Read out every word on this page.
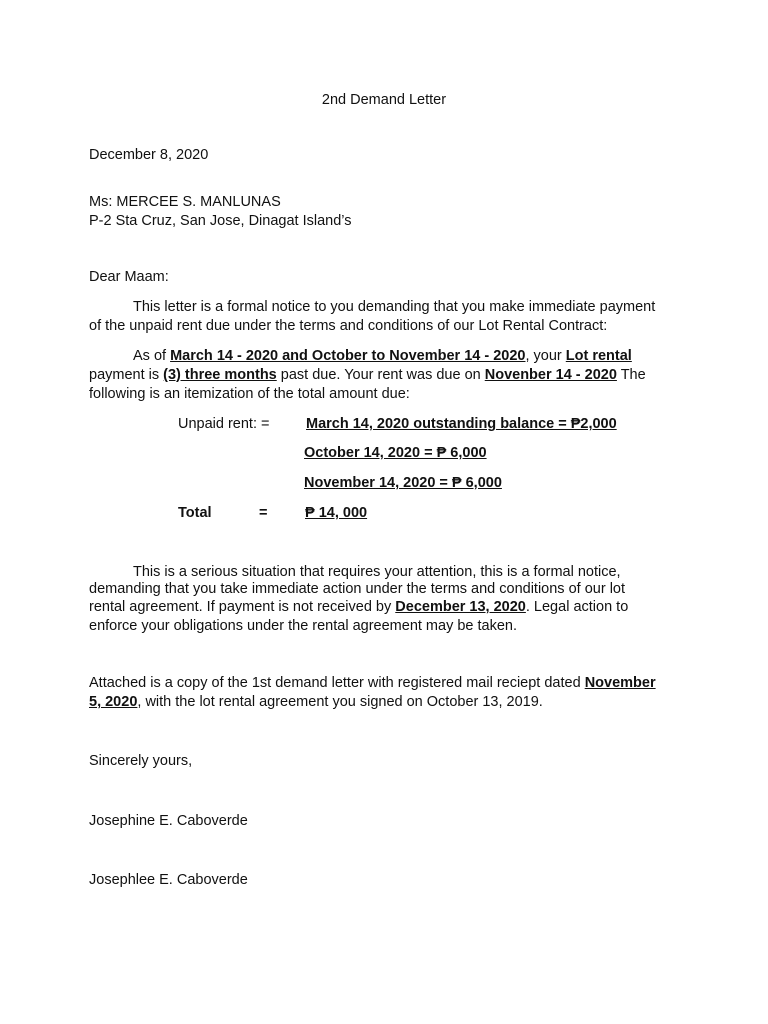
2nd Demand Letter
December 8, 2020
Ms: MERCEE S. MANLUNAS
P-2 Sta Cruz, San Jose, Dinagat Island’s
Dear Maam:
This letter is a formal notice to you demanding that you make immediate payment
of the unpaid rent due under the terms and conditions of our Lot Rental Contract:
As of March 14 - 2020 and October to November 14 - 2020, your Lot rental
payment is (3) three months past due. Your rent was due on Novenber 14 - 2020 The
following is an itemization of the total amount due:
Unpaid rent: =	March 14, 2020 outstanding balance = ₱2,000
October 14, 2020 = ₱ 6,000
November 14, 2020 = ₱ 6,000
Total	=	₱ 14, 000
This is a serious situation that requires your attention, this is a formal notice,
demanding that you take immediate action under the terms and conditions of our lot
rental agreement. If payment is not received by December 13, 2020. Legal action to
enforce your obligations under the rental agreement may be taken.
Attached is a copy of the 1st demand letter with registered mail reciept dated November
5, 2020, with the lot rental agreement you signed on October 13, 2019.
Sincerely yours,
Josephine E. Caboverde
Josephlee E. Caboverde
